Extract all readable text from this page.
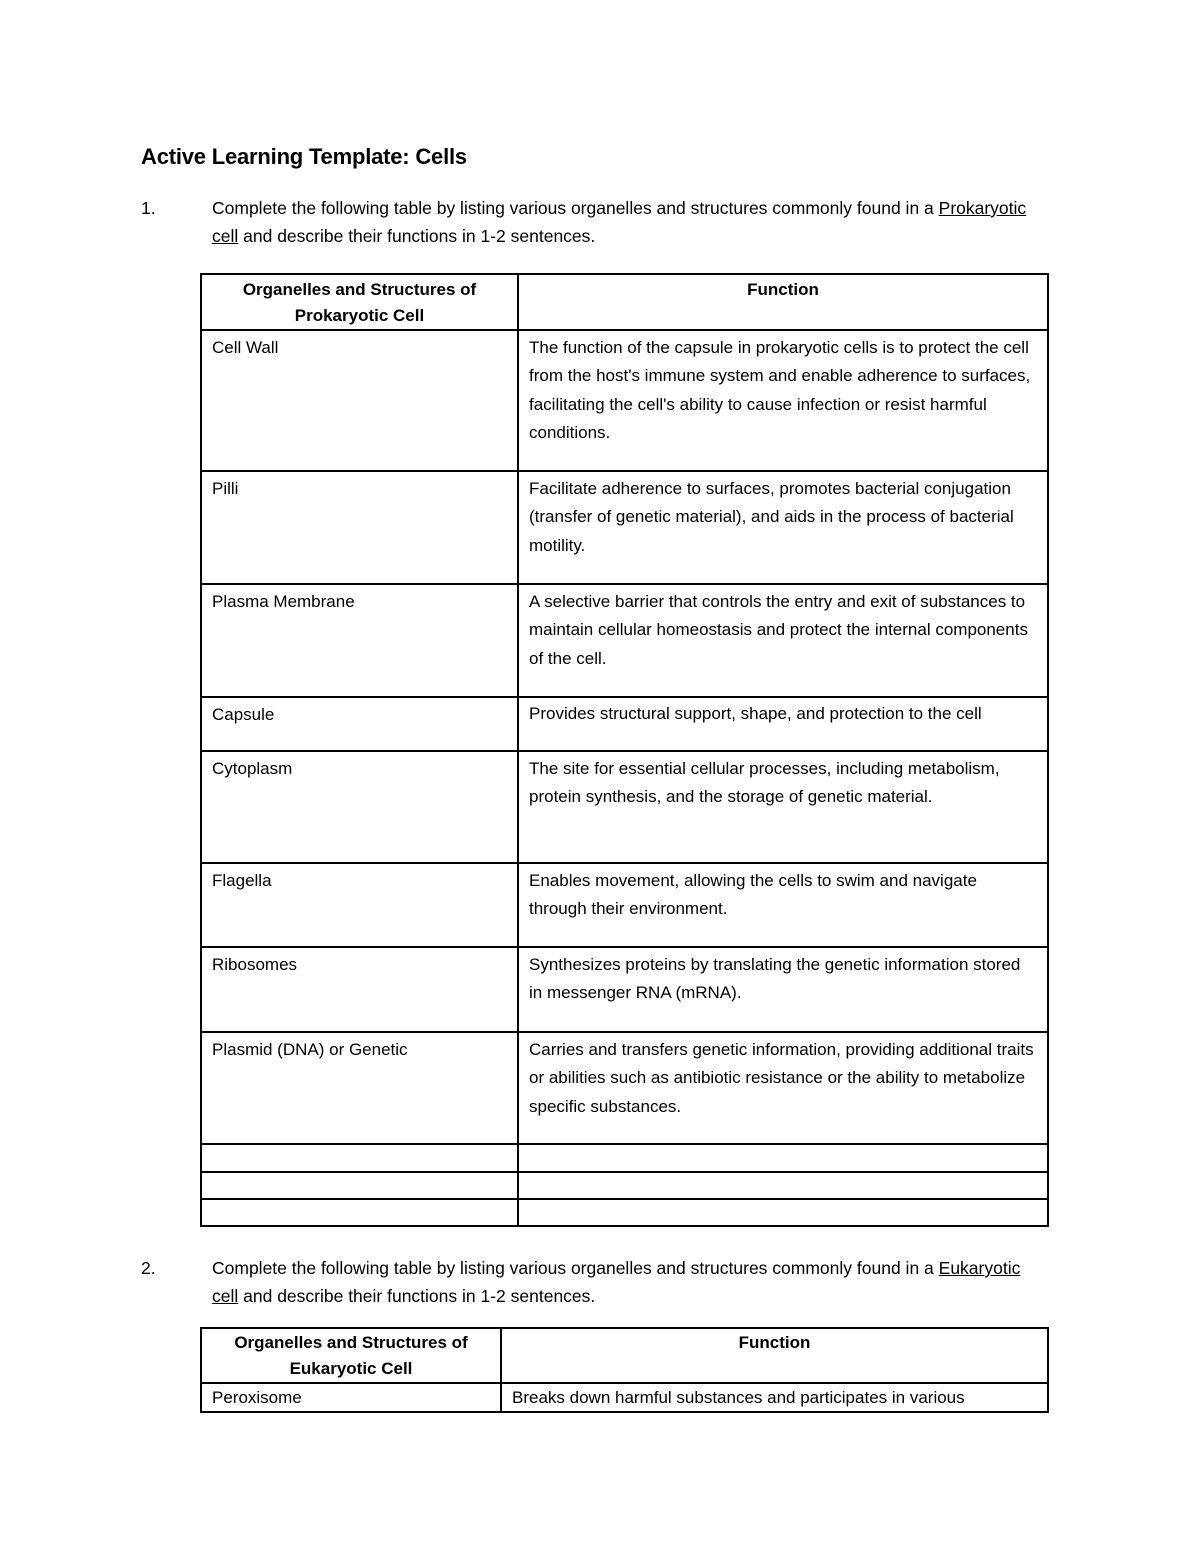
Active Learning Template: Cells
1.	Complete the following table by listing various organelles and structures commonly found in a Prokaryotic cell and describe their functions in 1-2 sentences.
Organelles and Structures of Prokaryotic Cell	Function
Cell Wall	The function of the capsule in prokaryotic cells is to protect the cell from the host's immune system and enable adherence to surfaces, facilitating the cell's ability to cause infection or resist harmful conditions.
Pilli	Facilitate adherence to surfaces, promotes bacterial conjugation (transfer of genetic material), and aids in the process of bacterial motility.
Plasma Membrane	A selective barrier that controls the entry and exit of substances to maintain cellular homeostasis and protect the internal components of the cell.
Capsule	Provides structural support, shape, and protection to the cell
Cytoplasm	The site for essential cellular processes, including metabolism, protein synthesis, and the storage of genetic material.
Flagella	Enables movement, allowing the cells to swim and navigate through their environment.
Ribosomes	Synthesizes proteins by translating the genetic information stored in messenger RNA (mRNA).
Plasmid (DNA) or Genetic	Carries and transfers genetic information, providing additional traits or abilities such as antibiotic resistance or the ability to metabolize specific substances.

2.	Complete the following table by listing various organelles and structures commonly found in a Eukaryotic cell and describe their functions in 1-2 sentences.
Organelles and Structures of Eukaryotic Cell	Function
Peroxisome	Breaks down harmful substances and participates in various
